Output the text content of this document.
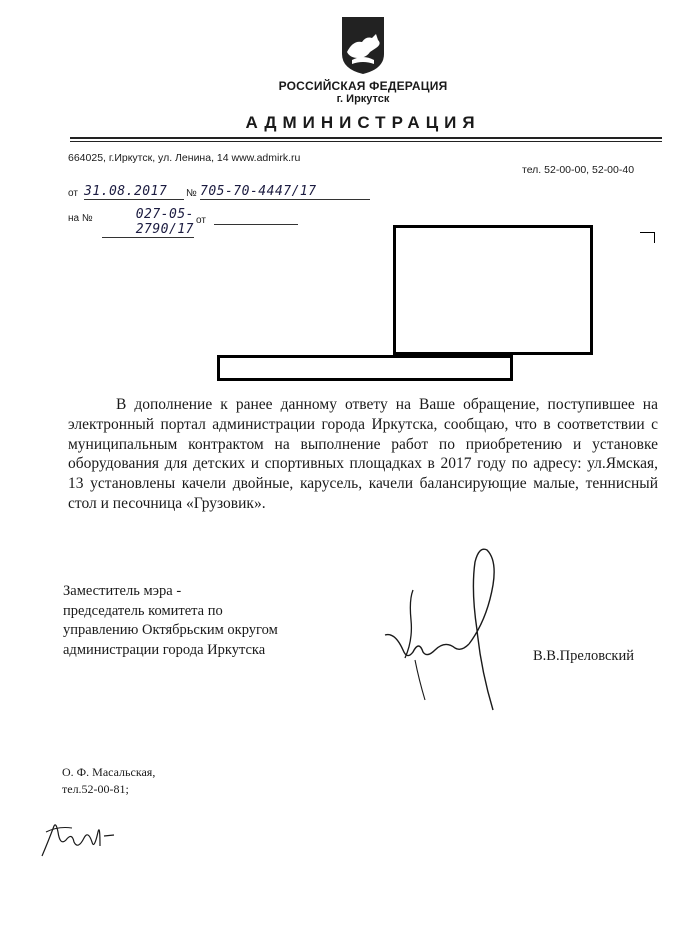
РОССИЙСКАЯ ФЕДЕРАЦИЯ
г. Иркутск
АДМИНИСТРАЦИЯ
664025, г.Иркутск, ул. Ленина, 14 www.admirk.ru
тел. 52-00-00, 52-00-40
от 31.08.2017	№ 705-70-4447/17
на №	027-05-2790/17
от
В дополнение к ранее данному ответу на Ваше обращение, поступившее на электронный портал администрации города Иркутска, сообщаю, что в соответствии с муниципальным контрактом на выполнение работ по приобретению и установке оборудования для детских и спортивных площадках в 2017 году по адресу: ул.Ямская, 13 установлены качели двойные, карусель, качели балансирующие малые, теннисный стол и песочница «Грузовик».
Заместитель мэра -
председатель комитета по
управлению Октябрьским округом
администрации города Иркутска	В.В.Преловский
О. Ф. Масальская,
тел.52-00-81;
